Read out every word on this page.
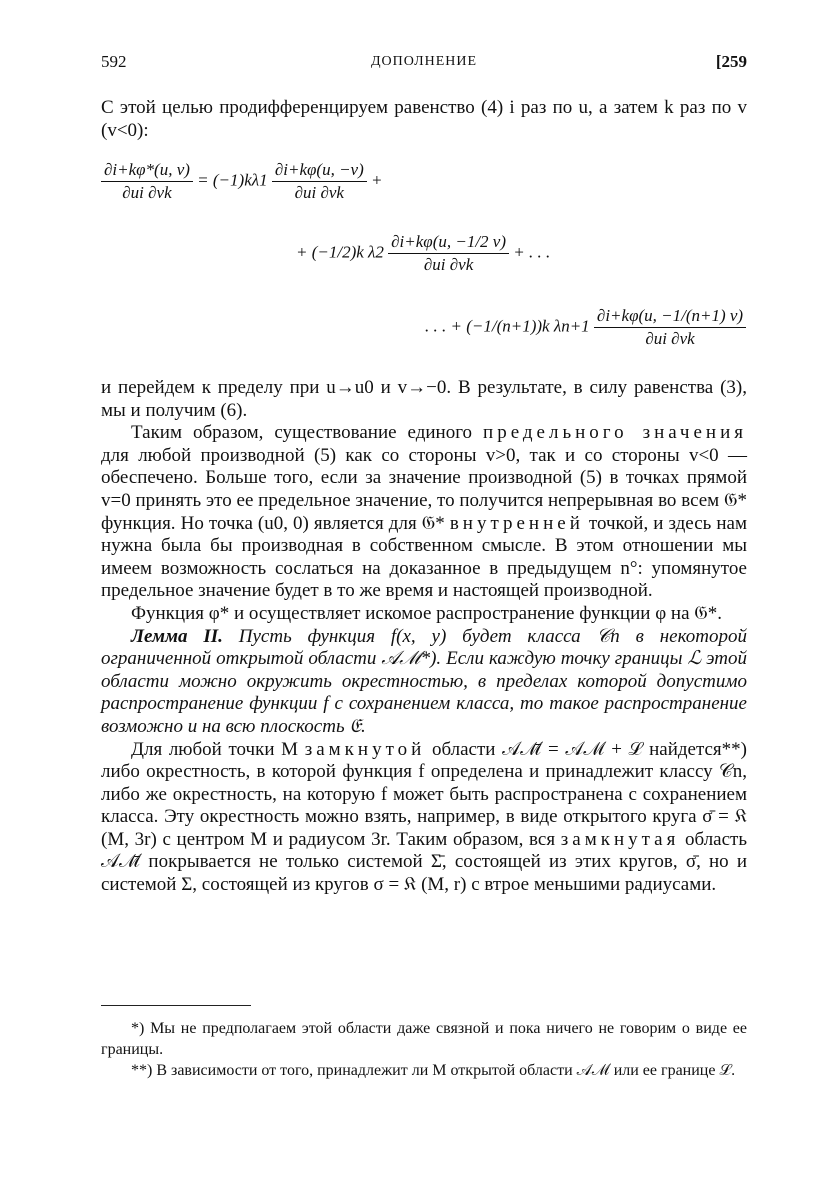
592	ДОПОЛНЕНИЕ	[259

С этой целью продифференцируем равенство (4) i раз по u, а затем k раз по v (v<0):

$\frac{\partial i+k\varphi*(u, v)}{\partial ui \partial vk} = (-1)k\lambda 1 \frac{\partial i+k\varphi(u, -v)}{\partial ui \partial vk}$ +
+ (−1/2)k $\lambda 2 \frac{\partial i+k\varphi(u, -1/2 v)}{\partial ui \partial vk}$ + . . .
. . . + (−1/(n+1))k $\lambda n+1 \frac{\partial i+k\varphi(u, -1/(n+1) v)}{\partial ui \partial vk}$

и перейдем к пределу при u→u0 и v→−0. В результате, в силу равенства (3), мы и получим (6).

Таким образом, существование единого предельного значения для любой производной (5) как со стороны v>0, так и со стороны v<0 — обеспечено. Больше того, если за значение производной (5) в точках прямой v=0 принять это ее предельное значение, то получится непрерывная во всем 𝔊* функция. Но точка (u0, 0) является для 𝔊* внутренней точкой, и здесь нам нужна была бы производная в собственном смысле. В этом отношении мы имеем возможность сослаться на доказанное в предыдущем n°: упомянутое предельное значение будет в то же время и настоящей производной.

Функция φ* и осуществляет искомое распространение функции φ на 𝔊*.

Лемма II. Пусть функция f(x, y) будет класса 𝒞n в некоторой ограниченной открытой области 𝒜ℳ*). Если каждую точку границы ℒ этой области можно окружить окрестностью, в пределах которой допустимо распространение функции f с сохранением класса, то такое распространение возможно и на всю плоскость 𝔈.

Для любой точки M замкнутой области 𝒜ℳ̄ = 𝒜ℳ + ℒ найдется**) либо окрестность, в которой функция f определена и принадлежит классу 𝒞n, либо же окрестность, на которую f может быть распространена с сохранением класса. Эту окрестность можно взять, например, в виде открытого круга σ̄ = 𝔎 (M, 3r) с центром M и радиусом 3r. Таким образом, вся замкнутая область 𝒜ℳ̄ покрывается не только системой Σ̄, состоящей из этих кругов, σ̄, но и системой Σ, состоящей из кругов σ = 𝔎 (M, r) с втрое меньшими радиусами.

*) Мы не предполагаем этой области даже связной и пока ничего не говорим о виде ее границы.
**) В зависимости от того, принадлежит ли M открытой области 𝒜ℳ или ее границе ℒ.
